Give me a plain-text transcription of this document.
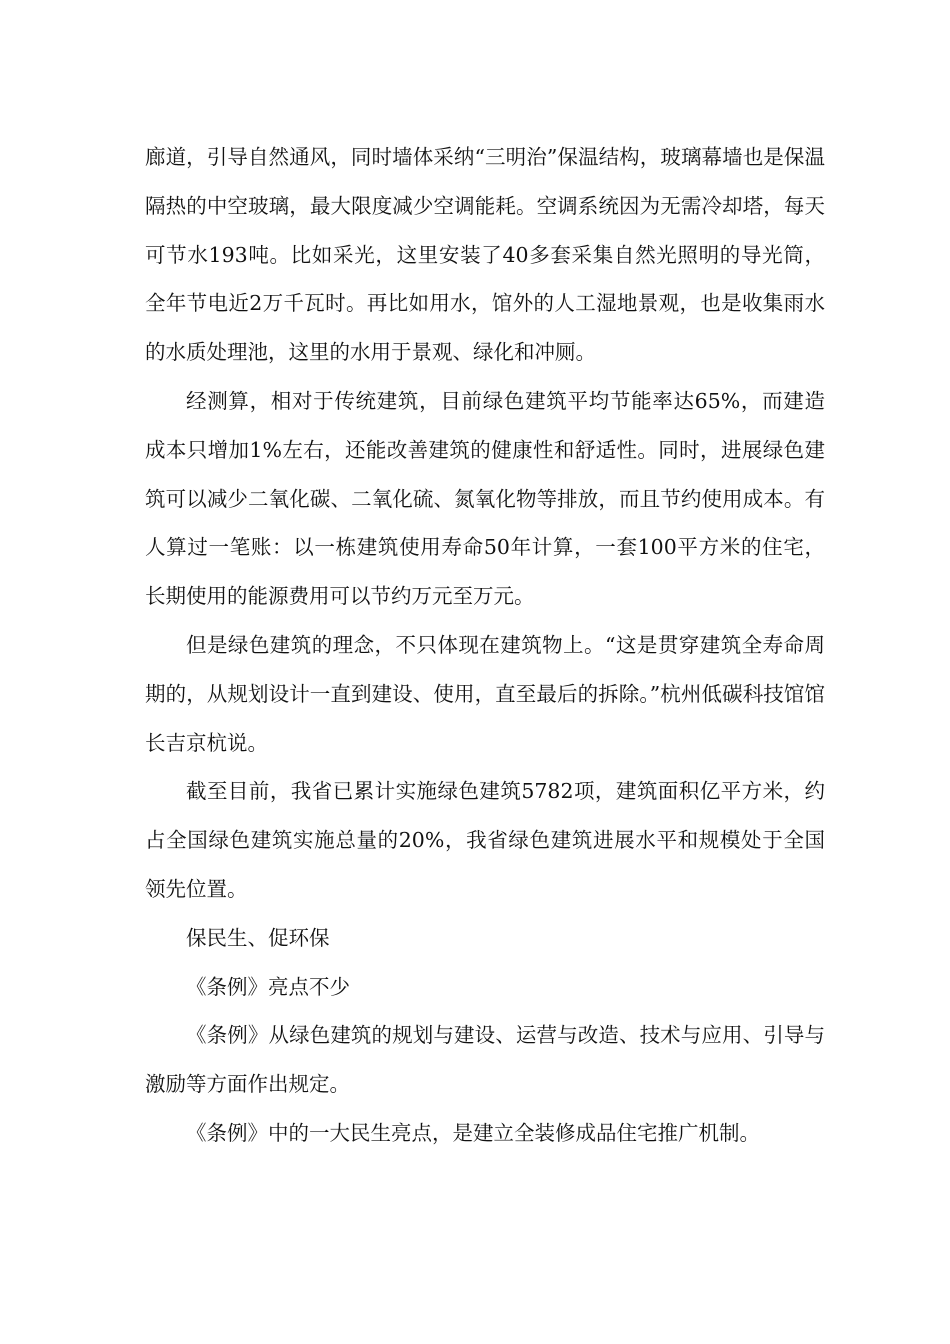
廊道，引导自然通风，同时墙体采纳“三明治”保温结构，玻璃幕墙也是保温隔热的中空玻璃，最大限度减少空调能耗。空调系统因为无需冷却塔，每天可节水193吨。比如采光，这里安装了40多套采集自然光照明的导光筒，全年节电近2万千瓦时。再比如用水，馆外的人工湿地景观，也是收集雨水的水质处理池，这里的水用于景观、绿化和冲厕。

经测算，相对于传统建筑，目前绿色建筑平均节能率达65%，而建造成本只增加1%左右，还能改善建筑的健康性和舒适性。同时，进展绿色建筑可以减少二氧化碳、二氧化硫、氮氧化物等排放，而且节约使用成本。有人算过一笔账：以一栋建筑使用寿命50年计算，一套100平方米的住宅，长期使用的能源费用可以节约万元至万元。

但是绿色建筑的理念，不只体现在建筑物上。“这是贯穿建筑全寿命周期的，从规划设计一直到建设、使用，直至最后的拆除。”杭州低碳科技馆馆长吉京杭说。

截至目前，我省已累计实施绿色建筑5782项，建筑面积亿平方米，约占全国绿色建筑实施总量的20%，我省绿色建筑进展水平和规模处于全国领先位置。

保民生、促环保

《条例》亮点不少

《条例》从绿色建筑的规划与建设、运营与改造、技术与应用、引导与激励等方面作出规定。

《条例》中的一大民生亮点，是建立全装修成品住宅推广机制。
